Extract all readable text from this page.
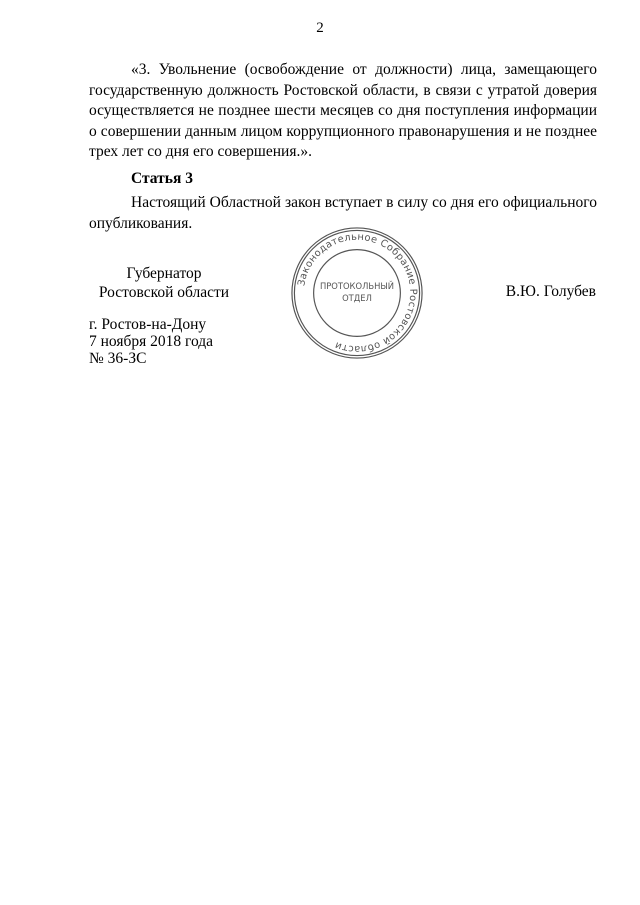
2

«3. Увольнение (освобождение от должности) лица, замещающего государственную должность Ростовской области, в связи с утратой доверия осуществляется не позднее шести месяцев со дня поступления информации о совершении данным лицом коррупционного правонарушения и не позднее трех лет со дня его совершения.».

Статья 3

Настоящий Областной закон вступает в силу со дня его официального опубликования.

Губернатор
Ростовской области	В.Ю. Голубев
г. Ростов-на-Дону
7 ноября 2018 года
№ 36-ЗС
Законодательное Собрание Ростовской области
ПРОТОКОЛЬНЫЙ
ОТДЕЛ
